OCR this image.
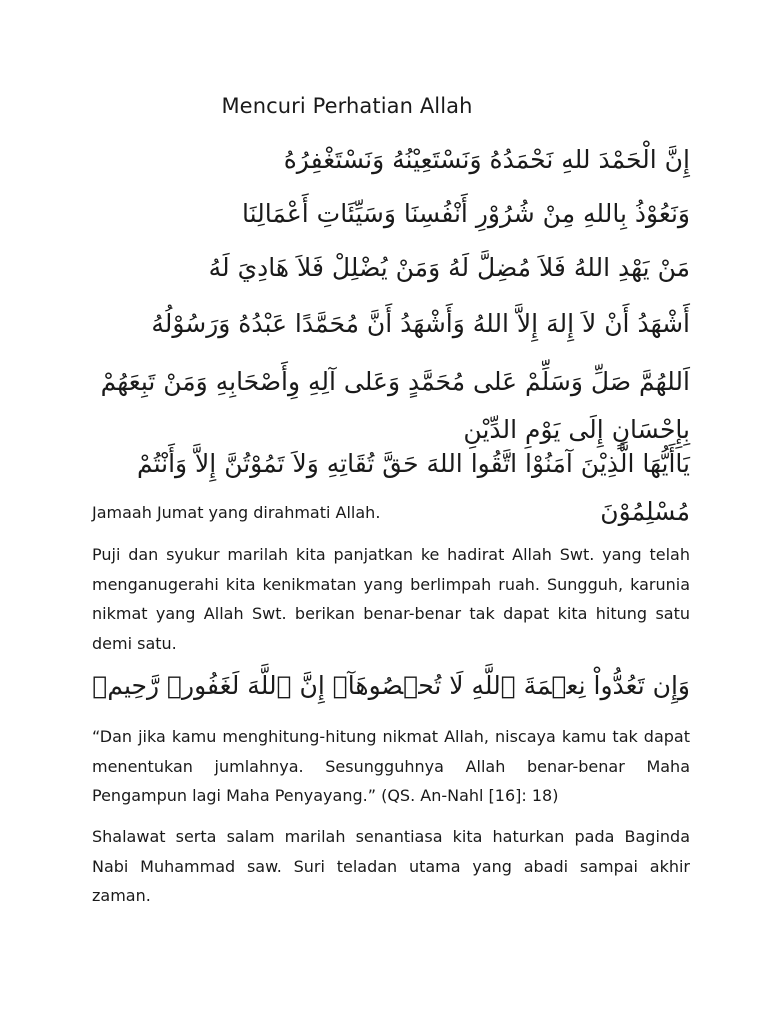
Mencuri Perhatian Allah

إِنَّ الْحَمْدَ للهِ نَحْمَدُهُ وَنَسْتَعِيْنُهُ وَنَسْتَغْفِرُهُ

وَنَعُوْذُ بِاللهِ مِنْ شُرُوْرِ أَنْفُسِنَا وَسَيِّئَاتِ أَعْمَالِنَا

مَنْ يَهْدِ اللهُ فَلاَ مُضِلَّ لَهُ وَمَنْ يُضْلِلْ فَلاَ هَادِيَ لَهُ

أَشْهَدُ أَنْ لاَ إِلهَ إِلاَّ اللهُ وَأَشْهَدُ أَنَّ مُحَمَّدًا عَبْدُهُ وَرَسُوْلُهُ

اَللهُمَّ صَلِّ وَسَلِّمْ عَلى مُحَمَّدٍ وَعَلى آلِهِ وِأَصْحَابِهِ وَمَنْ تَبِعَهُمْ بِإِحْسَانٍ إِلَى يَوْمِ الدِّيْنِ

يَاأَيُّهَا الَّذِيْنَ آمَنُوْا اتَّقُوا اللهَ حَقَّ تُقَاتِهِ وَلاَ تَمُوْتُنَّ إِلاَّ وَأَنْتُمْ مُسْلِمُوْنَ

Jamaah Jumat yang dirahmati Allah.

Puji dan syukur marilah kita panjatkan ke hadirat Allah Swt. yang telah menganugerahi kita kenikmatan yang berlimpah ruah. Sungguh, karunia nikmat yang Allah Swt. berikan benar-benar tak dapat kita hitung satu demi satu.

وَإِن تَعُدُّواْ نِعۡمَةَ ٱللَّهِ لَا تُحۡصُوهَآۗ إِنَّ ٱللَّهَ لَغَفُورٞ رَّحِيمٞ

“Dan jika kamu menghitung-hitung nikmat Allah, niscaya kamu tak dapat menentukan jumlahnya. Sesungguhnya Allah benar-benar Maha Pengampun lagi Maha Penyayang.” (QS. An-Nahl [16]: 18)

Shalawat serta salam marilah senantiasa kita haturkan pada Baginda Nabi Muhammad saw. Suri teladan utama yang abadi sampai akhir zaman.
